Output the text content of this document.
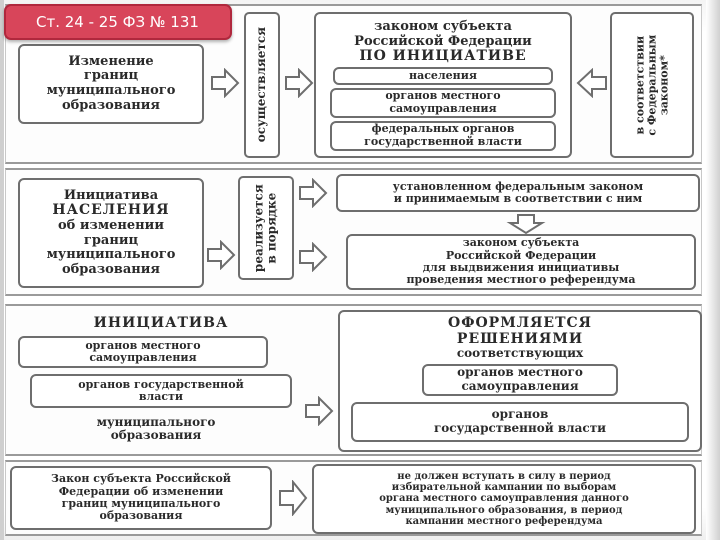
Ст. 24 - 25 ФЗ № 131
Изменение
границ
муниципального
образования	осуществляется
законом субъекта
Российской Федерации
ПО ИНИЦИАТИВЕ
населения
органов местного
самоуправления
федеральных органов
государственной власти
в соответствии с Федеральным законом*
Инициатива
НАСЕЛЕНИЯ
об изменении
границ
муниципального
образования	реализуется в порядке
установленном федеральным законом
и принимаемым в соответствии с ним
законом субъекта
Российской Федерации
для выдвижения инициативы
проведения местного референдума
ИНИЦИАТИВА
органов местного
самоуправления
органов государственной
власти
муниципального
образования
ОФОРМЛЯЕТСЯ
РЕШЕНИЯМИ
соответствующих
органов местного
самоуправления
органов
государственной власти
Закон субъекта Российской
Федерации об изменении
границ муниципального
образования
не должен вступать в силу в период
избирательной кампании по выборам
органа местного самоуправления данного
муниципального образования, в период
кампании местного референдума
